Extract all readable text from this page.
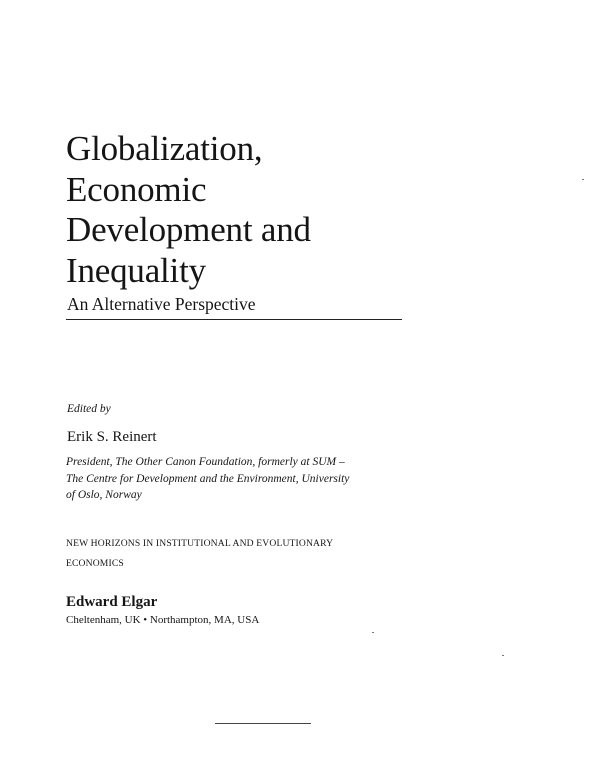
Globalization,
Economic
Development and
Inequality
An Alternative Perspective
Edited by
Erik S. Reinert
President, The Other Canon Foundation, formerly at SUM –
The Centre for Development and the Environment, University
of Oslo, Norway
NEW HORIZONS IN INSTITUTIONAL AND EVOLUTIONARY
ECONOMICS
Edward Elgar
Cheltenham, UK • Northampton, MA, USA
